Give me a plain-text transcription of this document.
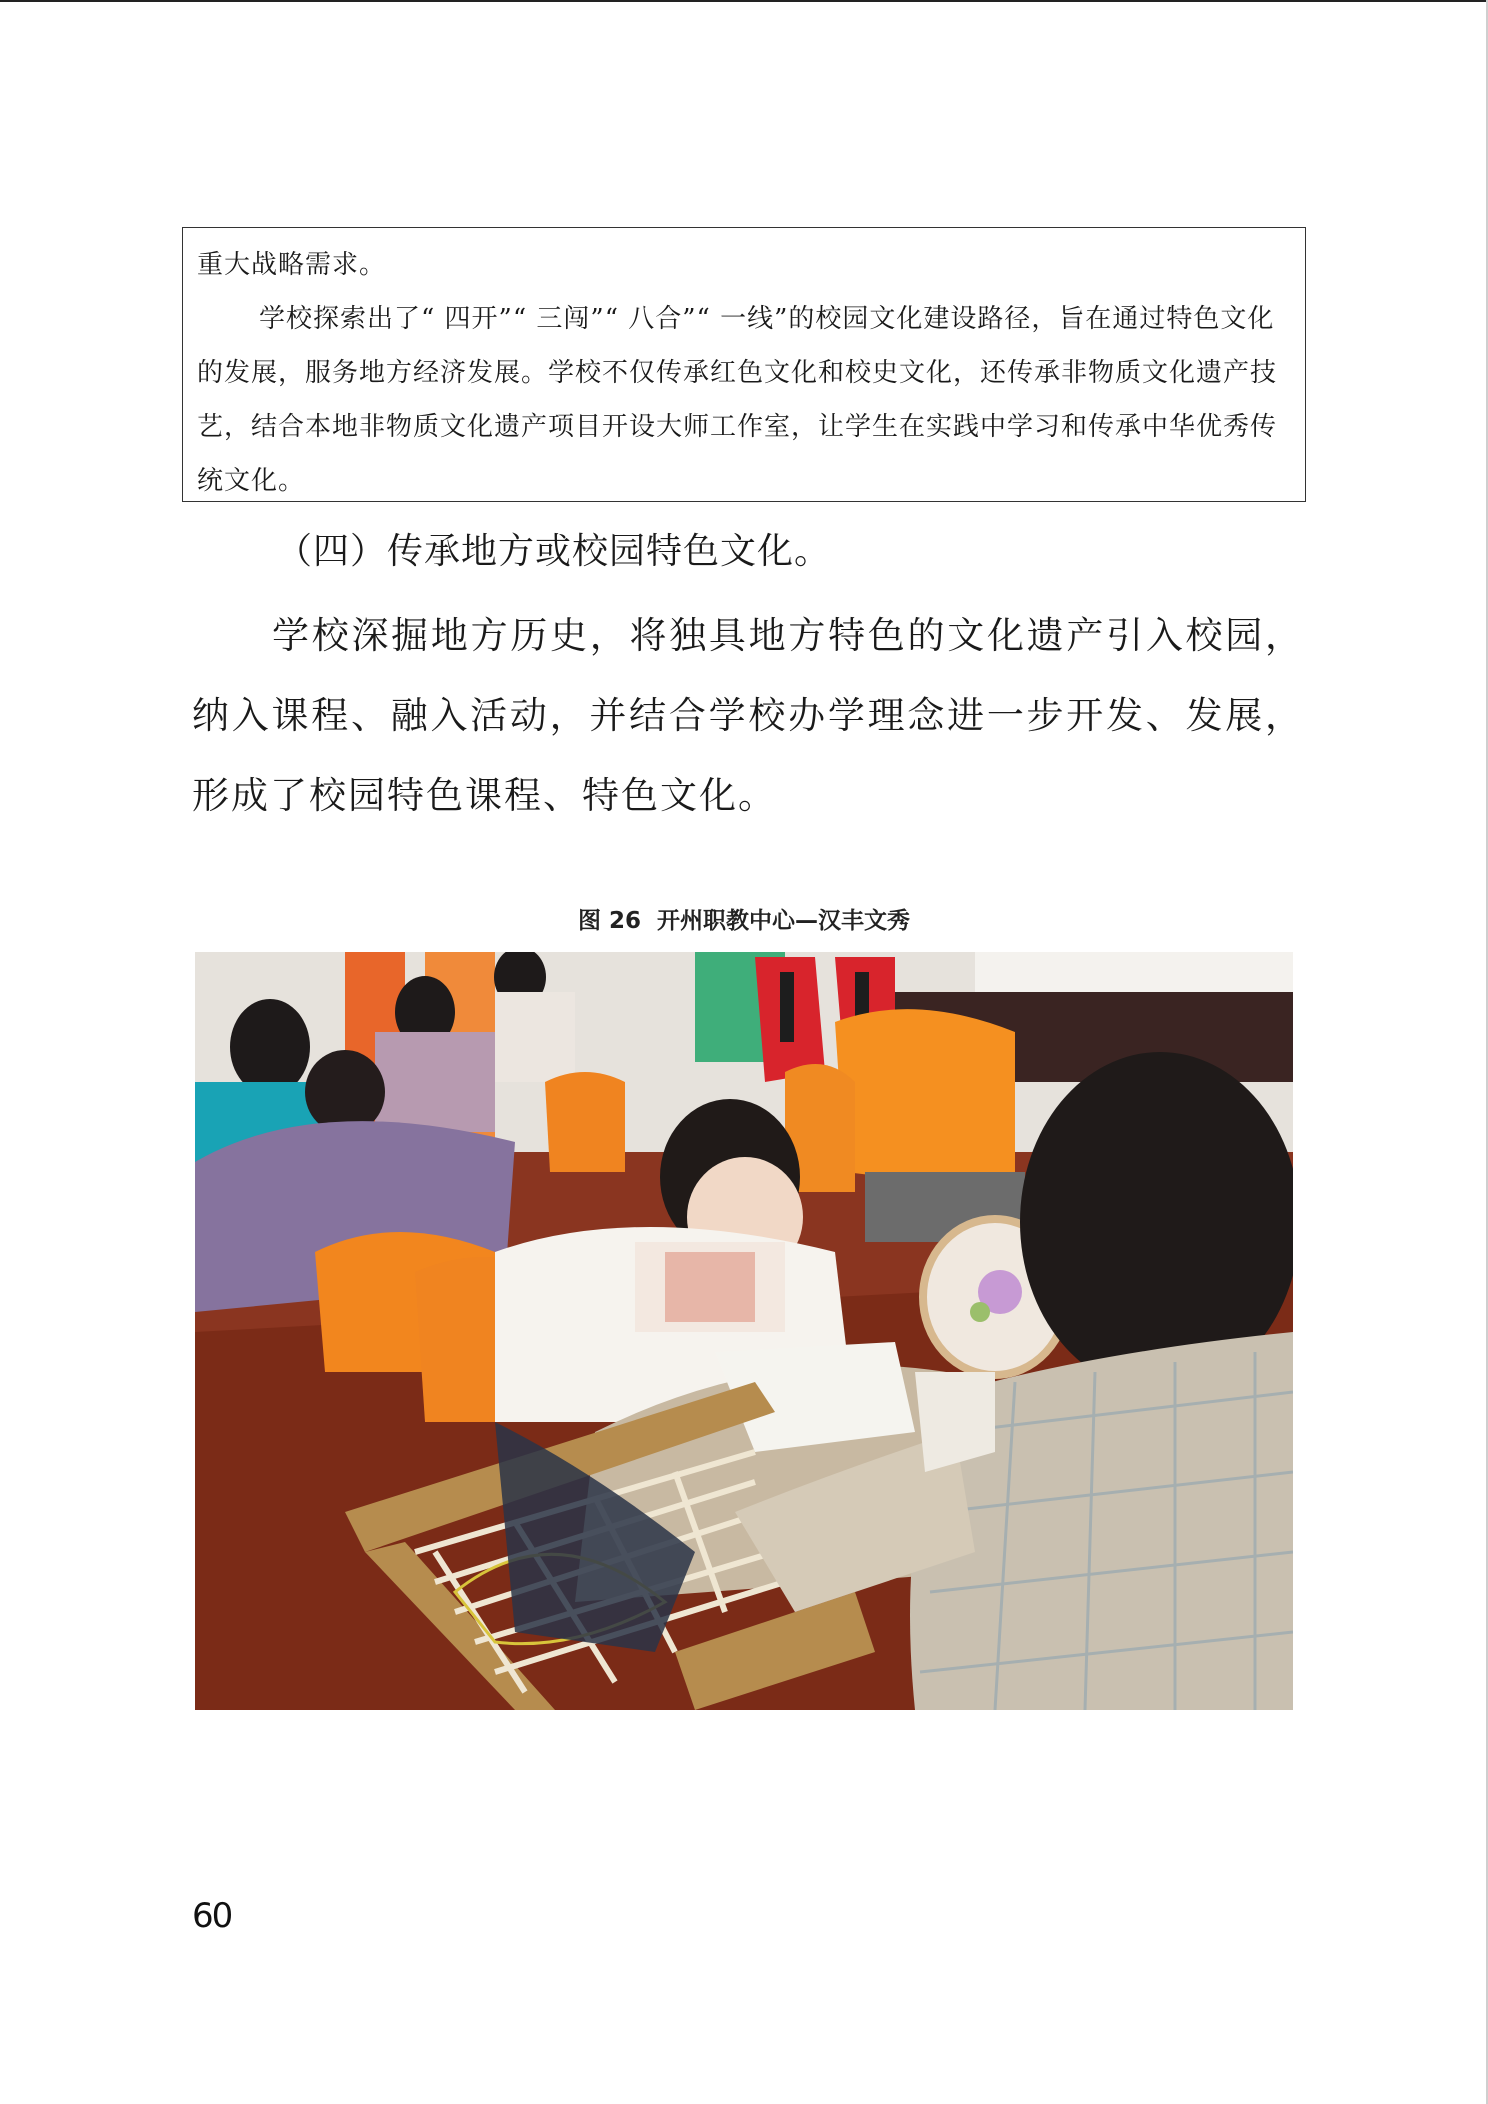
重大战略需求。

学校探索出了“ 四开”“ 三闯”“ 八合”“ 一线”的校园文化建设路径，旨在通过特色文化的发展，服务地方经济发展。学校不仅传承红色文化和校史文化，还传承非物质文化遗产技艺，结合本地非物质文化遗产项目开设大师工作室，让学生在实践中学习和传承中华优秀传统文化。

（四）传承地方或校园特色文化。

学校深掘地方历史，将独具地方特色的文化遗产引入校园，纳入课程、融入活动，并结合学校办学理念进一步开发、发展，形成了校园特色课程、特色文化。

图 26 开州职教中心—汉丰文秀

60
